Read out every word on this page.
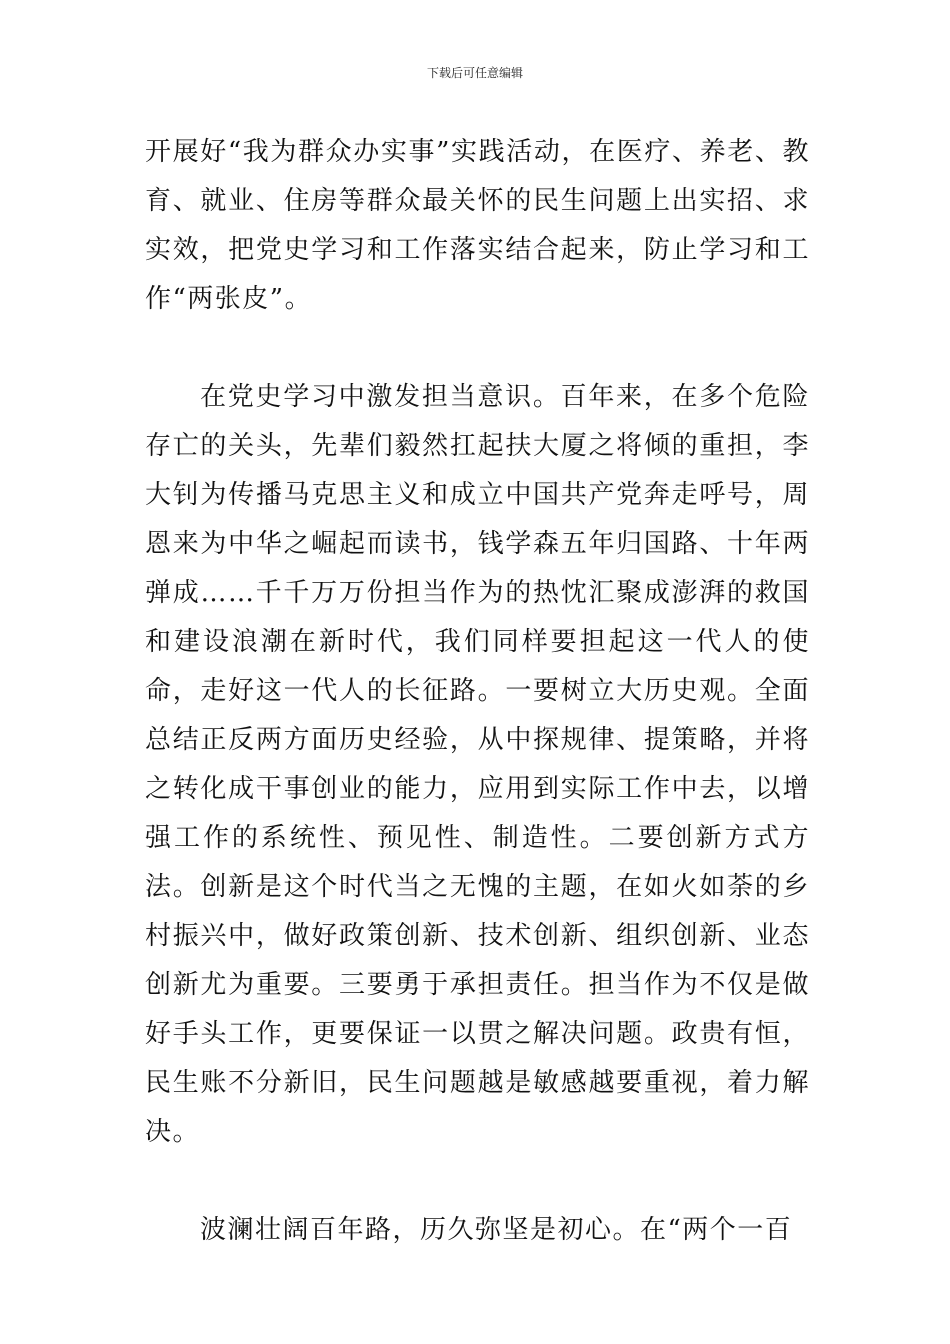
下载后可任意编辑

开展好“我为群众办实事”实践活动，在医疗、养老、教育、就业、住房等群众最关怀的民生问题上出实招、求实效，把党史学习和工作落实结合起来，防止学习和工作“两张皮”。

在党史学习中激发担当意识。百年来，在多个危险存亡的关头，先辈们毅然扛起扶大厦之将倾的重担，李大钊为传播马克思主义和成立中国共产党奔走呼号，周恩来为中华之崛起而读书，钱学森五年归国路、十年两弹成……千千万万份担当作为的热忱汇聚成澎湃的救国和建设浪潮在新时代，我们同样要担起这一代人的使命，走好这一代人的长征路。一要树立大历史观。全面总结正反两方面历史经验，从中探规律、提策略，并将之转化成干事创业的能力，应用到实际工作中去，以增强工作的系统性、预见性、制造性。二要创新方式方法。创新是这个时代当之无愧的主题，在如火如荼的乡村振兴中，做好政策创新、技术创新、组织创新、业态创新尤为重要。三要勇于承担责任。担当作为不仅是做好手头工作，更要保证一以贯之解决问题。政贵有恒，民生账不分新旧，民生问题越是敏感越要重视，着力解决。

波澜壮阔百年路，历久弥坚是初心。在“两个一百
